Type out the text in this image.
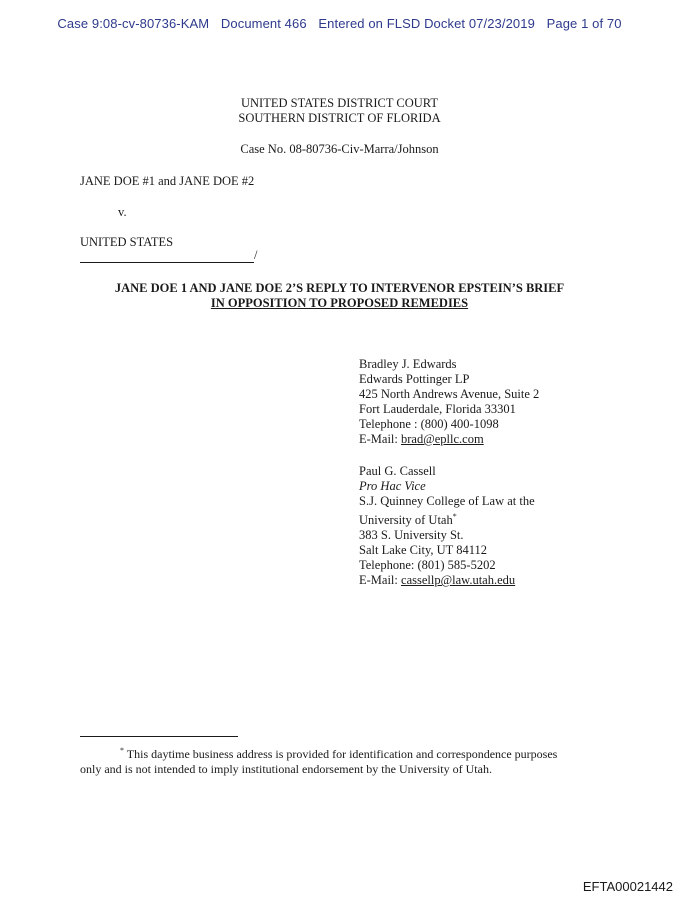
Case 9:08-cv-80736-KAM Document 466 Entered on FLSD Docket 07/23/2019 Page 1 of 70
UNITED STATES DISTRICT COURT
SOUTHERN DISTRICT OF FLORIDA
Case No. 08-80736-Civ-Marra/Johnson
JANE DOE #1 and JANE DOE #2
v.
UNITED STATES
/
JANE DOE 1 AND JANE DOE 2’S REPLY TO INTERVENOR EPSTEIN’S BRIEF
IN OPPOSITION TO PROPOSED REMEDIES
Bradley J. Edwards
Edwards Pottinger LP
425 North Andrews Avenue, Suite 2
Fort Lauderdale, Florida 33301
Telephone : (800) 400-1098
E-Mail: brad@epllc.com
Paul G. Cassell
Pro Hac Vice
S.J. Quinney College of Law at the
University of Utah*
383 S. University St.
Salt Lake City, UT 84112
Telephone: (801) 585-5202
E-Mail: cassellp@law.utah.edu
* This daytime business address is provided for identification and correspondence purposes
only and is not intended to imply institutional endorsement by the University of Utah.
EFTA00021442
